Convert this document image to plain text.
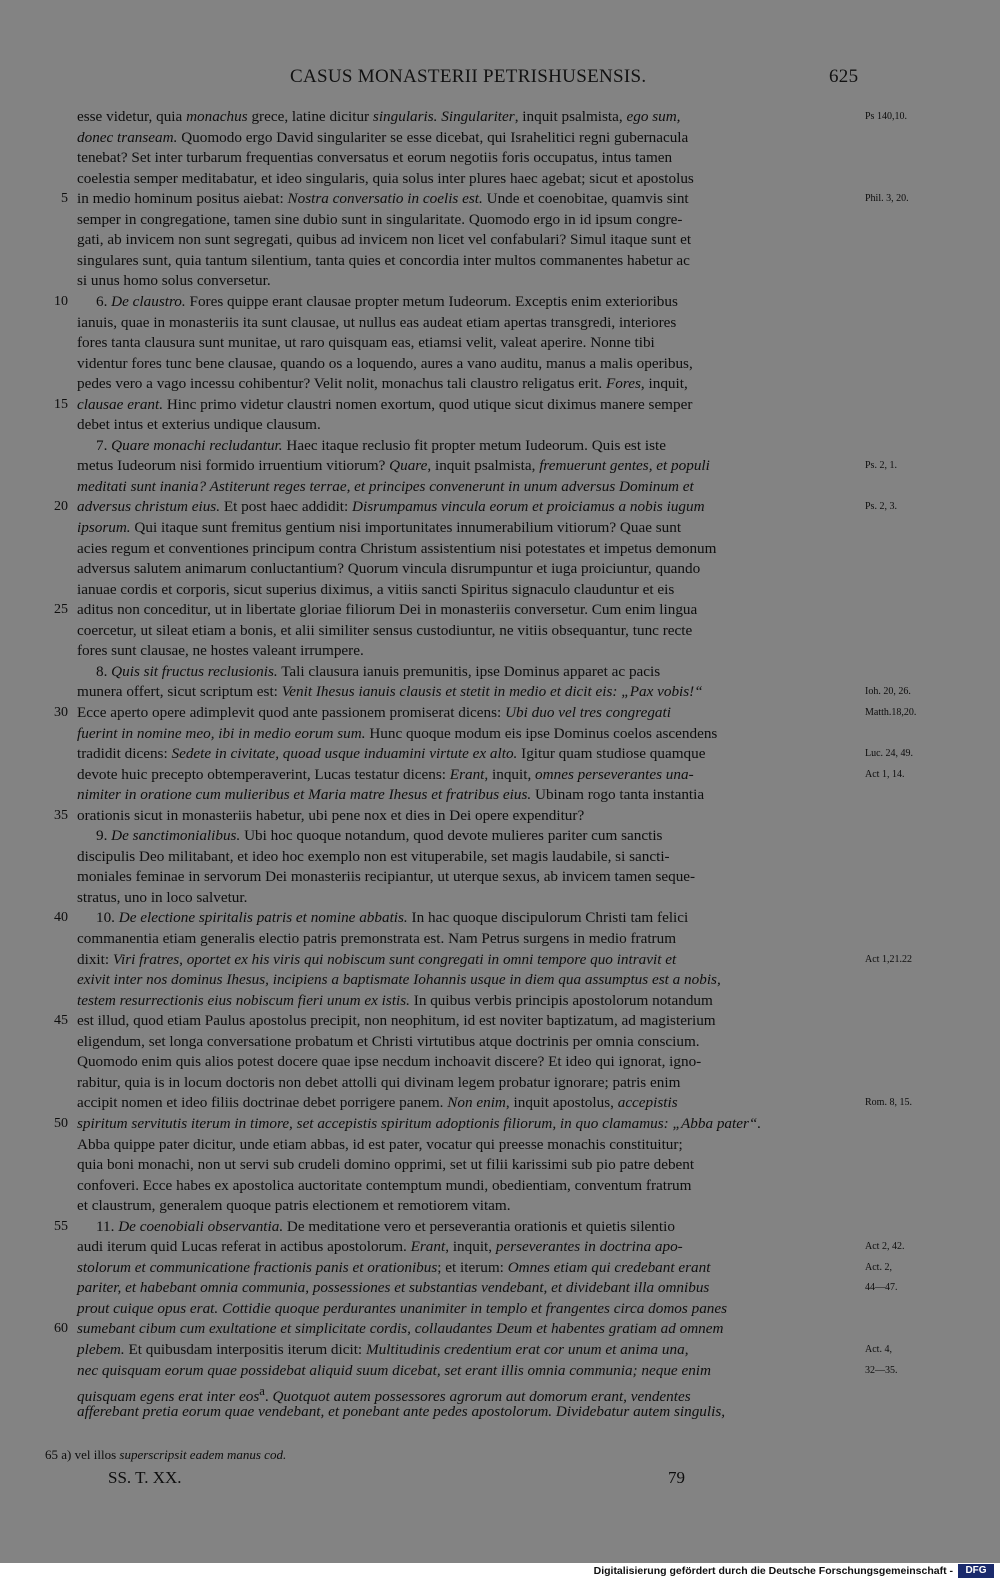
CASUS MONASTERII PETRISHUSENSIS.	625
esse videtur, quia monachus grece, latine dicitur singularis. Singulariter, inquit psalmista, ego sum,	Ps 140,10.
donec transeam. Quomodo ergo David singulariter se esse dicebat, qui Israhelitici regni gubernacula
tenebat? Set inter turbarum frequentias conversatus et eorum negotiis foris occupatus, intus tamen
coelestia semper meditabatur, et ideo singularis, quia solus inter plures haec agebat; sicut et apostolus
in medio hominum positus aiebat: Nostra conversatio in coelis est. Unde et coenobitae, quamvis sint
5	Phil. 3, 20.
semper in congregatione, tamen sine dubio sunt in singularitate. Quomodo ergo in id ipsum congre-
gati, ab invicem non sunt segregati, quibus ad invicem non licet vel confabulari? Simul itaque sunt et
singulares sunt, quia tantum silentium, tanta quies et concordia inter multos commanentes habetur ac
si unus homo solus conversetur.
6. De claustro. Fores quippe erant clausae propter metum Iudeorum. Exceptis enim exterioribus
10
ianuis, quae in monasteriis ita sunt clausae, ut nullus eas audeat etiam apertas transgredi, interiores
fores tanta clausura sunt munitae, ut raro quisquam eas, etiamsi velit, valeat aperire. Nonne tibi
videntur fores tunc bene clausae, quando os a loquendo, aures a vano auditu, manus a malis operibus,
pedes vero a vago incessu cohibentur? Velit nolit, monachus tali claustro religatus erit. Fores, inquit,
clausae erant. Hinc primo videtur claustri nomen exortum, quod utique sicut diximus manere semper
15
debet intus et exterius undique clausum.
7. Quare monachi recludantur. Haec itaque reclusio fit propter metum Iudeorum. Quis est iste
metus Iudeorum nisi formido irruentium vitiorum? Quare, inquit psalmista, fremuerunt gentes, et populi	Ps. 2, 1.
meditati sunt inania? Astiterunt reges terrae, et principes convenerunt in unum adversus Dominum et
adversus christum eius. Et post haec addidit: Disrumpamus vincula eorum et proiciamus a nobis iugum
20	Ps. 2, 3.
ipsorum. Qui itaque sunt fremitus gentium nisi importunitates innumerabilium vitiorum? Quae sunt
acies regum et conventiones principum contra Christum assistentium nisi potestates et impetus demonum
adversus salutem animarum conluctantium? Quorum vincula disrumpuntur et iuga proiciuntur, quando
ianuae cordis et corporis, sicut superius diximus, a vitiis sancti Spiritus signaculo clauduntur et eis
aditus non conceditur, ut in libertate gloriae filiorum Dei in monasteriis conversetur. Cum enim lingua
25
coercetur, ut sileat etiam a bonis, et alii similiter sensus custodiuntur, ne vitiis obsequantur, tunc recte
fores sunt clausae, ne hostes valeant irrumpere.
8. Quis sit fructus reclusionis. Tali clausura ianuis premunitis, ipse Dominus apparet ac pacis
munera offert, sicut scriptum est: Venit Ihesus ianuis clausis et stetit in medio et dicit eis: „Pax vobis!“	Ioh. 20, 26.
Ecce aperto opere adimplevit quod ante passionem promiserat dicens: Ubi duo vel tres congregati
30	Matth.18,20.
fuerint in nomine meo, ibi in medio eorum sum. Hunc quoque modum eis ipse Dominus coelos ascendens
tradidit dicens: Sedete in civitate, quoad usque induamini virtute ex alto. Igitur quam studiose quamque	Luc. 24, 49.
devote huic precepto obtemperaverint, Lucas testatur dicens: Erant, inquit, omnes perseverantes una-	Act 1, 14.
nimiter in oratione cum mulieribus et Maria matre Ihesus et fratribus eius. Ubinam rogo tanta instantia
orationis sicut in monasteriis habetur, ubi pene nox et dies in Dei opere expenditur?
35
9. De sanctimonialibus. Ubi hoc quoque notandum, quod devote mulieres pariter cum sanctis
discipulis Deo militabant, et ideo hoc exemplo non est vituperabile, set magis laudabile, si sancti-
moniales feminae in servorum Dei monasteriis recipiantur, ut uterque sexus, ab invicem tamen seque-
stratus, uno in loco salvetur.
10. De electione spiritalis patris et nomine abbatis. In hac quoque discipulorum Christi tam felici
40
commanentia etiam generalis electio patris premonstrata est. Nam Petrus surgens in medio fratrum
dixit: Viri fratres, oportet ex his viris qui nobiscum sunt congregati in omni tempore quo intravit et	Act 1,21.22
exivit inter nos dominus Ihesus, incipiens a baptismate Iohannis usque in diem qua assumptus est a nobis,
testem resurrectionis eius nobiscum fieri unum ex istis. In quibus verbis principis apostolorum notandum
est illud, quod etiam Paulus apostolus precipit, non neophitum, id est noviter baptizatum, ad magisterium
45
eligendum, set longa conversatione probatum et Christi virtutibus atque doctrinis per omnia conscium.
Quomodo enim quis alios potest docere quae ipse necdum inchoavit discere? Et ideo qui ignorat, igno-
rabitur, quia is in locum doctoris non debet attolli qui divinam legem probatur ignorare; patris enim
accipit nomen et ideo filiis doctrinae debet porrigere panem. Non enim, inquit apostolus, accepistis	Rom. 8, 15.
spiritum servitutis iterum in timore, set accepistis spiritum adoptionis filiorum, in quo clamamus: „Abba pater“.
50
Abba quippe pater dicitur, unde etiam abbas, id est pater, vocatur qui preesse monachis constituitur;
quia boni monachi, non ut servi sub crudeli domino opprimi, set ut filii karissimi sub pio patre debent
confoveri. Ecce habes ex apostolica auctoritate contemptum mundi, obedientiam, conventum fratrum
et claustrum, generalem quoque patris electionem et remotiorem vitam.
11. De coenobiali observantia. De meditatione vero et perseverantia orationis et quietis silentio
55
audi iterum quid Lucas referat in actibus apostolorum. Erant, inquit, perseverantes in doctrina apo-	Act 2, 42.
stolorum et communicatione fractionis panis et orationibus; et iterum: Omnes etiam qui credebant erant	Act. 2,
pariter, et habebant omnia communia, possessiones et substantias vendebant, et dividebant illa omnibus	44—47.
prout cuique opus erat. Cottidie quoque perdurantes unanimiter in templo et frangentes circa domos panes
sumebant cibum cum exultatione et simplicitate cordis, collaudantes Deum et habentes gratiam ad omnem
60
plebem. Et quibusdam interpositis iterum dicit: Multitudinis credentium erat cor unum et anima una,	Act. 4,
nec quisquam eorum quae possidebat aliquid suum dicebat, set erant illis omnia communia; neque enim	32—35.
quisquam egens erat inter eos$^a$. Quotquot autem possessores agrorum aut domorum erant, vendentes
afferebant pretia eorum quae vendebant, et ponebant ante pedes apostolorum. Dividebatur autem singulis,
65 a) vel illos superscripsit eadem manus cod.
SS. T. XX.	79
Digitalisierung gefördert durch die Deutsche Forschungsgemeinschaft -	DFG
